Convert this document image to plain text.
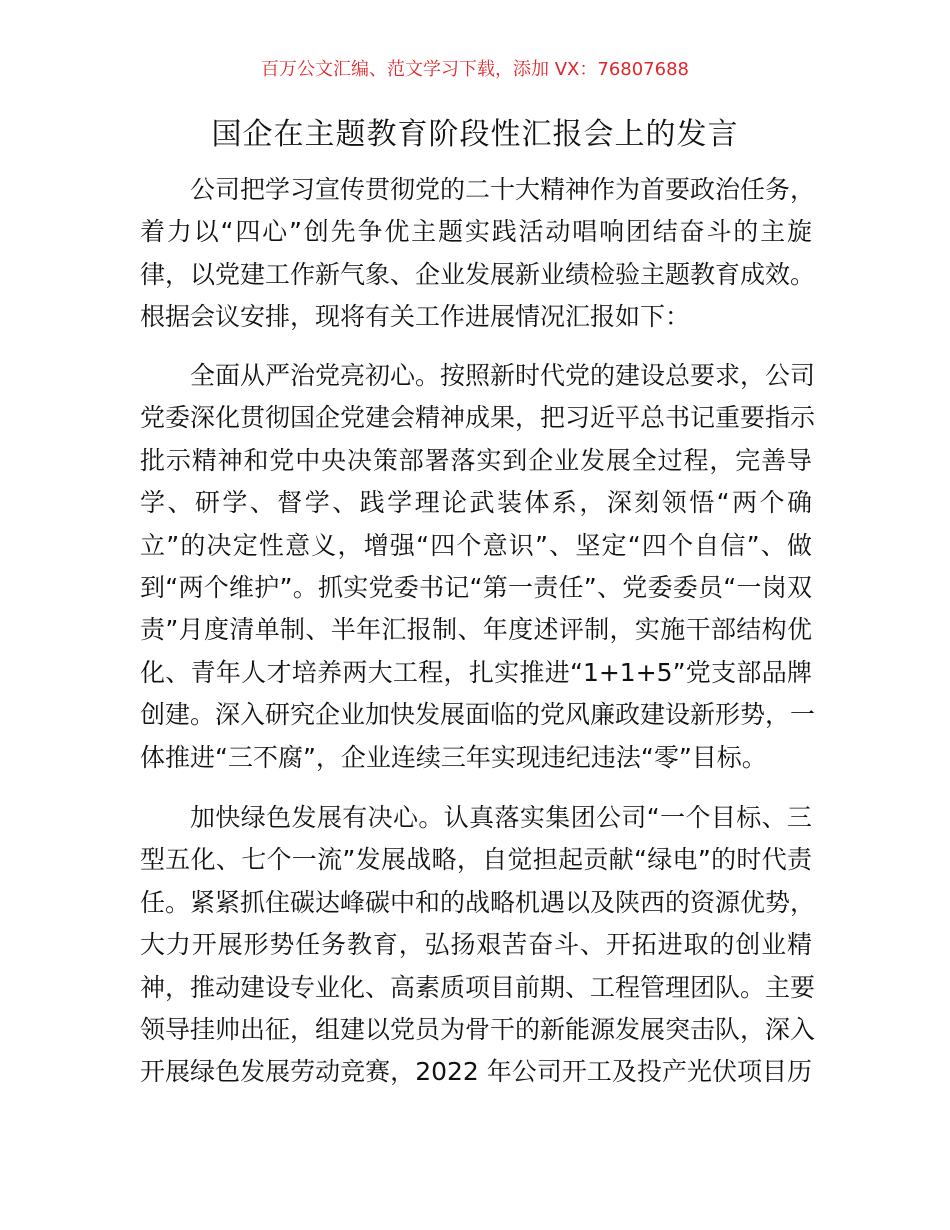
百万公文汇编、范文学习下载，添加 VX：76807688
国企在主题教育阶段性汇报会上的发言
公司把学习宣传贯彻党的二十大精神作为首要政治任务，
着力以“四心”创先争优主题实践活动唱响团结奋斗的主旋
律，以党建工作新气象、企业发展新业绩检验主题教育成效。
根据会议安排，现将有关工作进展情况汇报如下：
全面从严治党亮初心。按照新时代党的建设总要求，公司
党委深化贯彻国企党建会精神成果，把习近平总书记重要指示
批示精神和党中央决策部署落实到企业发展全过程，完善导
学、研学、督学、践学理论武装体系，深刻领悟“两个确
立”的决定性意义，增强“四个意识”、坚定“四个自信”、做
到“两个维护”。抓实党委书记“第一责任”、党委委员“一岗双
责”月度清单制、半年汇报制、年度述评制，实施干部结构优
化、青年人才培养两大工程，扎实推进“1+1+5”党支部品牌
创建。深入研究企业加快发展面临的党风廉政建设新形势，一
体推进“三不腐”，企业连续三年实现违纪违法“零”目标。
加快绿色发展有决心。认真落实集团公司“一个目标、三
型五化、七个一流”发展战略，自觉担起贡献“绿电”的时代责
任。紧紧抓住碳达峰碳中和的战略机遇以及陕西的资源优势，
大力开展形势任务教育，弘扬艰苦奋斗、开拓进取的创业精
神，推动建设专业化、高素质项目前期、工程管理团队。主要
领导挂帅出征，组建以党员为骨干的新能源发展突击队，深入
开展绿色发展劳动竞赛，2022 年公司开工及投产光伏项目历
